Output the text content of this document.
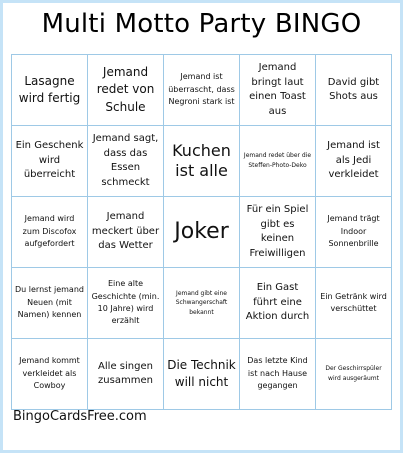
Multi Motto Party BINGO
Lasagne wird fertig
Jemand redet von Schule
Jemand ist überrascht, dass Negroni stark ist
Jemand bringt laut einen Toast aus
David gibt Shots aus
Ein Geschenk wird überreicht
Jemand sagt, dass das Essen schmeckt
Kuchen ist alle
Jemand redet über die Steffen-Photo-Deko
Jemand ist als Jedi verkleidet
Jemand wird zum Discofox aufgefordert
Jemand meckert über das Wetter
Joker
Für ein Spiel gibt es keinen Freiwilligen
Jemand trägt Indoor Sonnenbrille
Du lernst jemand Neuen (mit Namen) kennen
Eine alte Geschichte (min. 10 Jahre) wird erzählt
Jemand gibt eine Schwangerschaft bekannt
Ein Gast führt eine Aktion durch
Ein Getränk wird verschüttet
Jemand kommt verkleidet als Cowboy
Alle singen zusammen
Die Technik will nicht
Das letzte Kind ist nach Hause gegangen
Der Geschirrspüler wird ausgeräumt
BingoCardsFree.com
